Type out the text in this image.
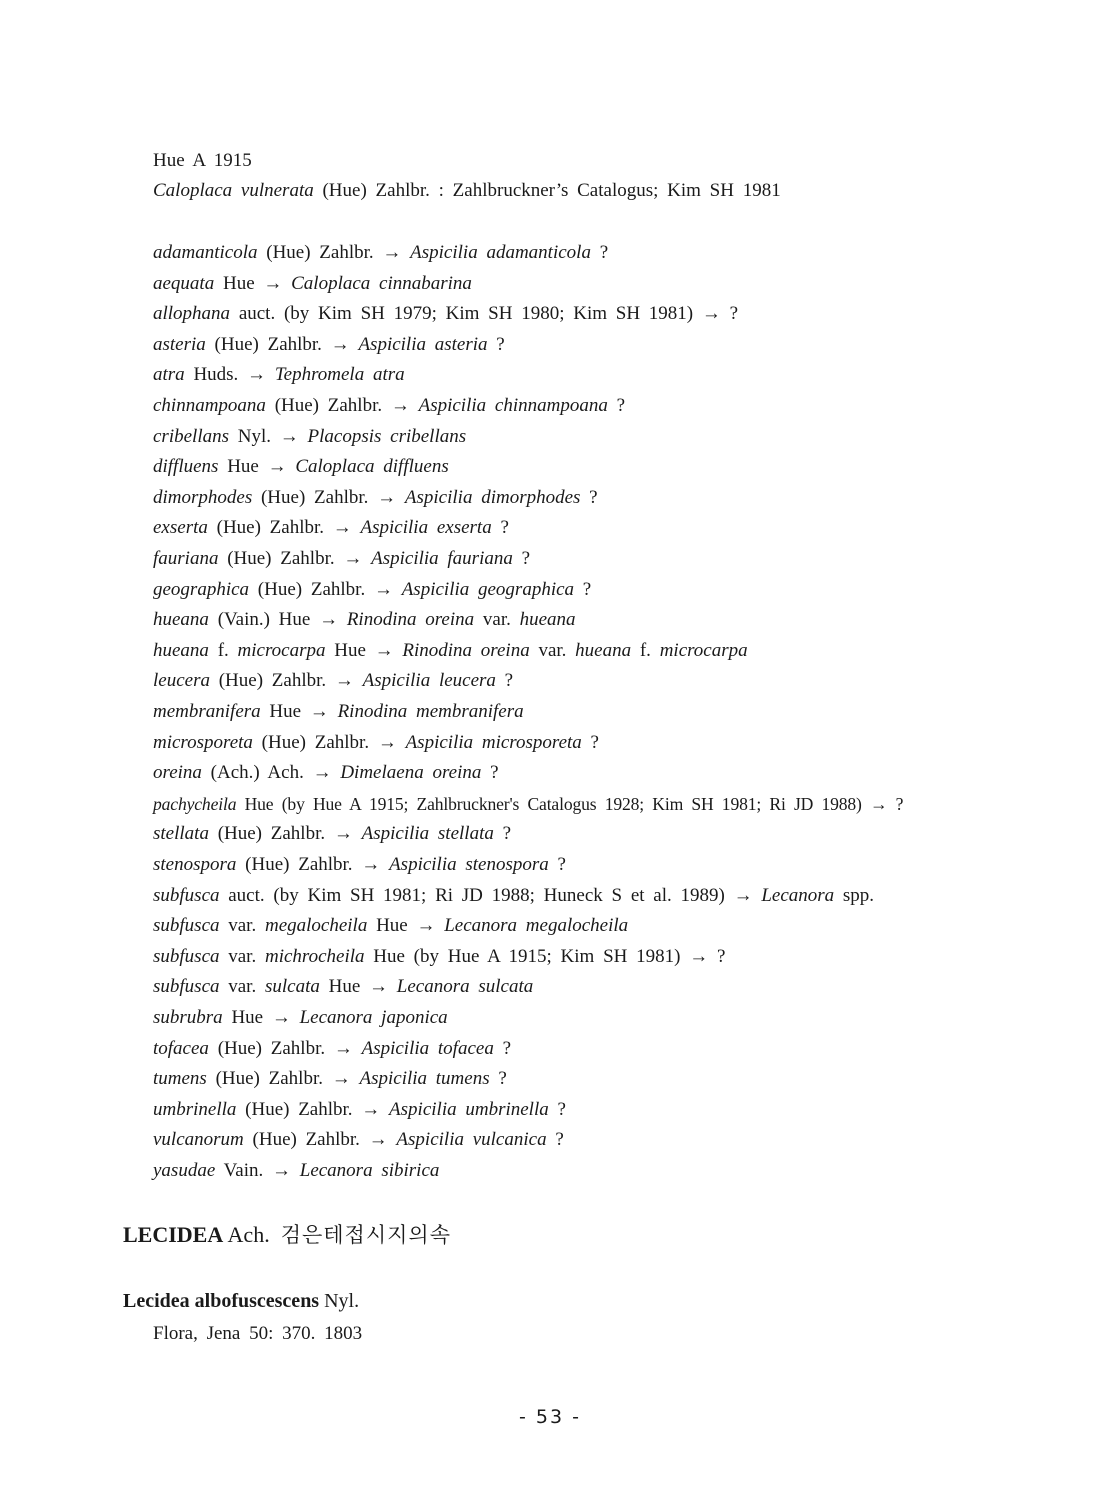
Hue A 1915
Caloplaca vulnerata (Hue) Zahlbr. : Zahlbruckner’s Catalogus; Kim SH 1981
adamanticola (Hue) Zahlbr. → Aspicilia adamanticola ?
aequata Hue → Caloplaca cinnabarina
allophana auct. (by Kim SH 1979; Kim SH 1980; Kim SH 1981) → ?
asteria (Hue) Zahlbr. → Aspicilia asteria ?
atra Huds. → Tephromela atra
chinnampoana (Hue) Zahlbr. → Aspicilia chinnampoana ?
cribellans Nyl. → Placopsis cribellans
diffluens Hue → Caloplaca diffluens
dimorphodes (Hue) Zahlbr. → Aspicilia dimorphodes ?
exserta (Hue) Zahlbr. → Aspicilia exserta ?
fauriana (Hue) Zahlbr. → Aspicilia fauriana ?
geographica (Hue) Zahlbr. → Aspicilia geographica ?
hueana (Vain.) Hue → Rinodina oreina var. hueana
hueana f. microcarpa Hue → Rinodina oreina var. hueana f. microcarpa
leucera (Hue) Zahlbr. → Aspicilia leucera ?
membranifera Hue → Rinodina membranifera
microsporeta (Hue) Zahlbr. → Aspicilia microsporeta ?
oreina (Ach.) Ach. → Dimelaena oreina ?
pachycheila Hue (by Hue A 1915; Zahlbruckner's Catalogus 1928; Kim SH 1981; Ri JD 1988) → ?
stellata (Hue) Zahlbr. → Aspicilia stellata ?
stenospora (Hue) Zahlbr. → Aspicilia stenospora ?
subfusca auct. (by Kim SH 1981; Ri JD 1988; Huneck S et al. 1989) → Lecanora spp.
subfusca var. megalocheila Hue → Lecanora megalocheila
subfusca var. michrocheila Hue (by Hue A 1915; Kim SH 1981) → ?
subfusca var. sulcata Hue → Lecanora sulcata
subrubra Hue → Lecanora japonica
tofacea (Hue) Zahlbr. → Aspicilia tofacea ?
tumens (Hue) Zahlbr. → Aspicilia tumens ?
umbrinella (Hue) Zahlbr. → Aspicilia umbrinella ?
vulcanorum (Hue) Zahlbr. → Aspicilia vulcanica ?
yasudae Vain. → Lecanora sibirica
LECIDEA Ach. 검은테접시지의속
Lecidea albofuscescens Nyl.
Flora, Jena 50: 370. 1803
- 53 -
